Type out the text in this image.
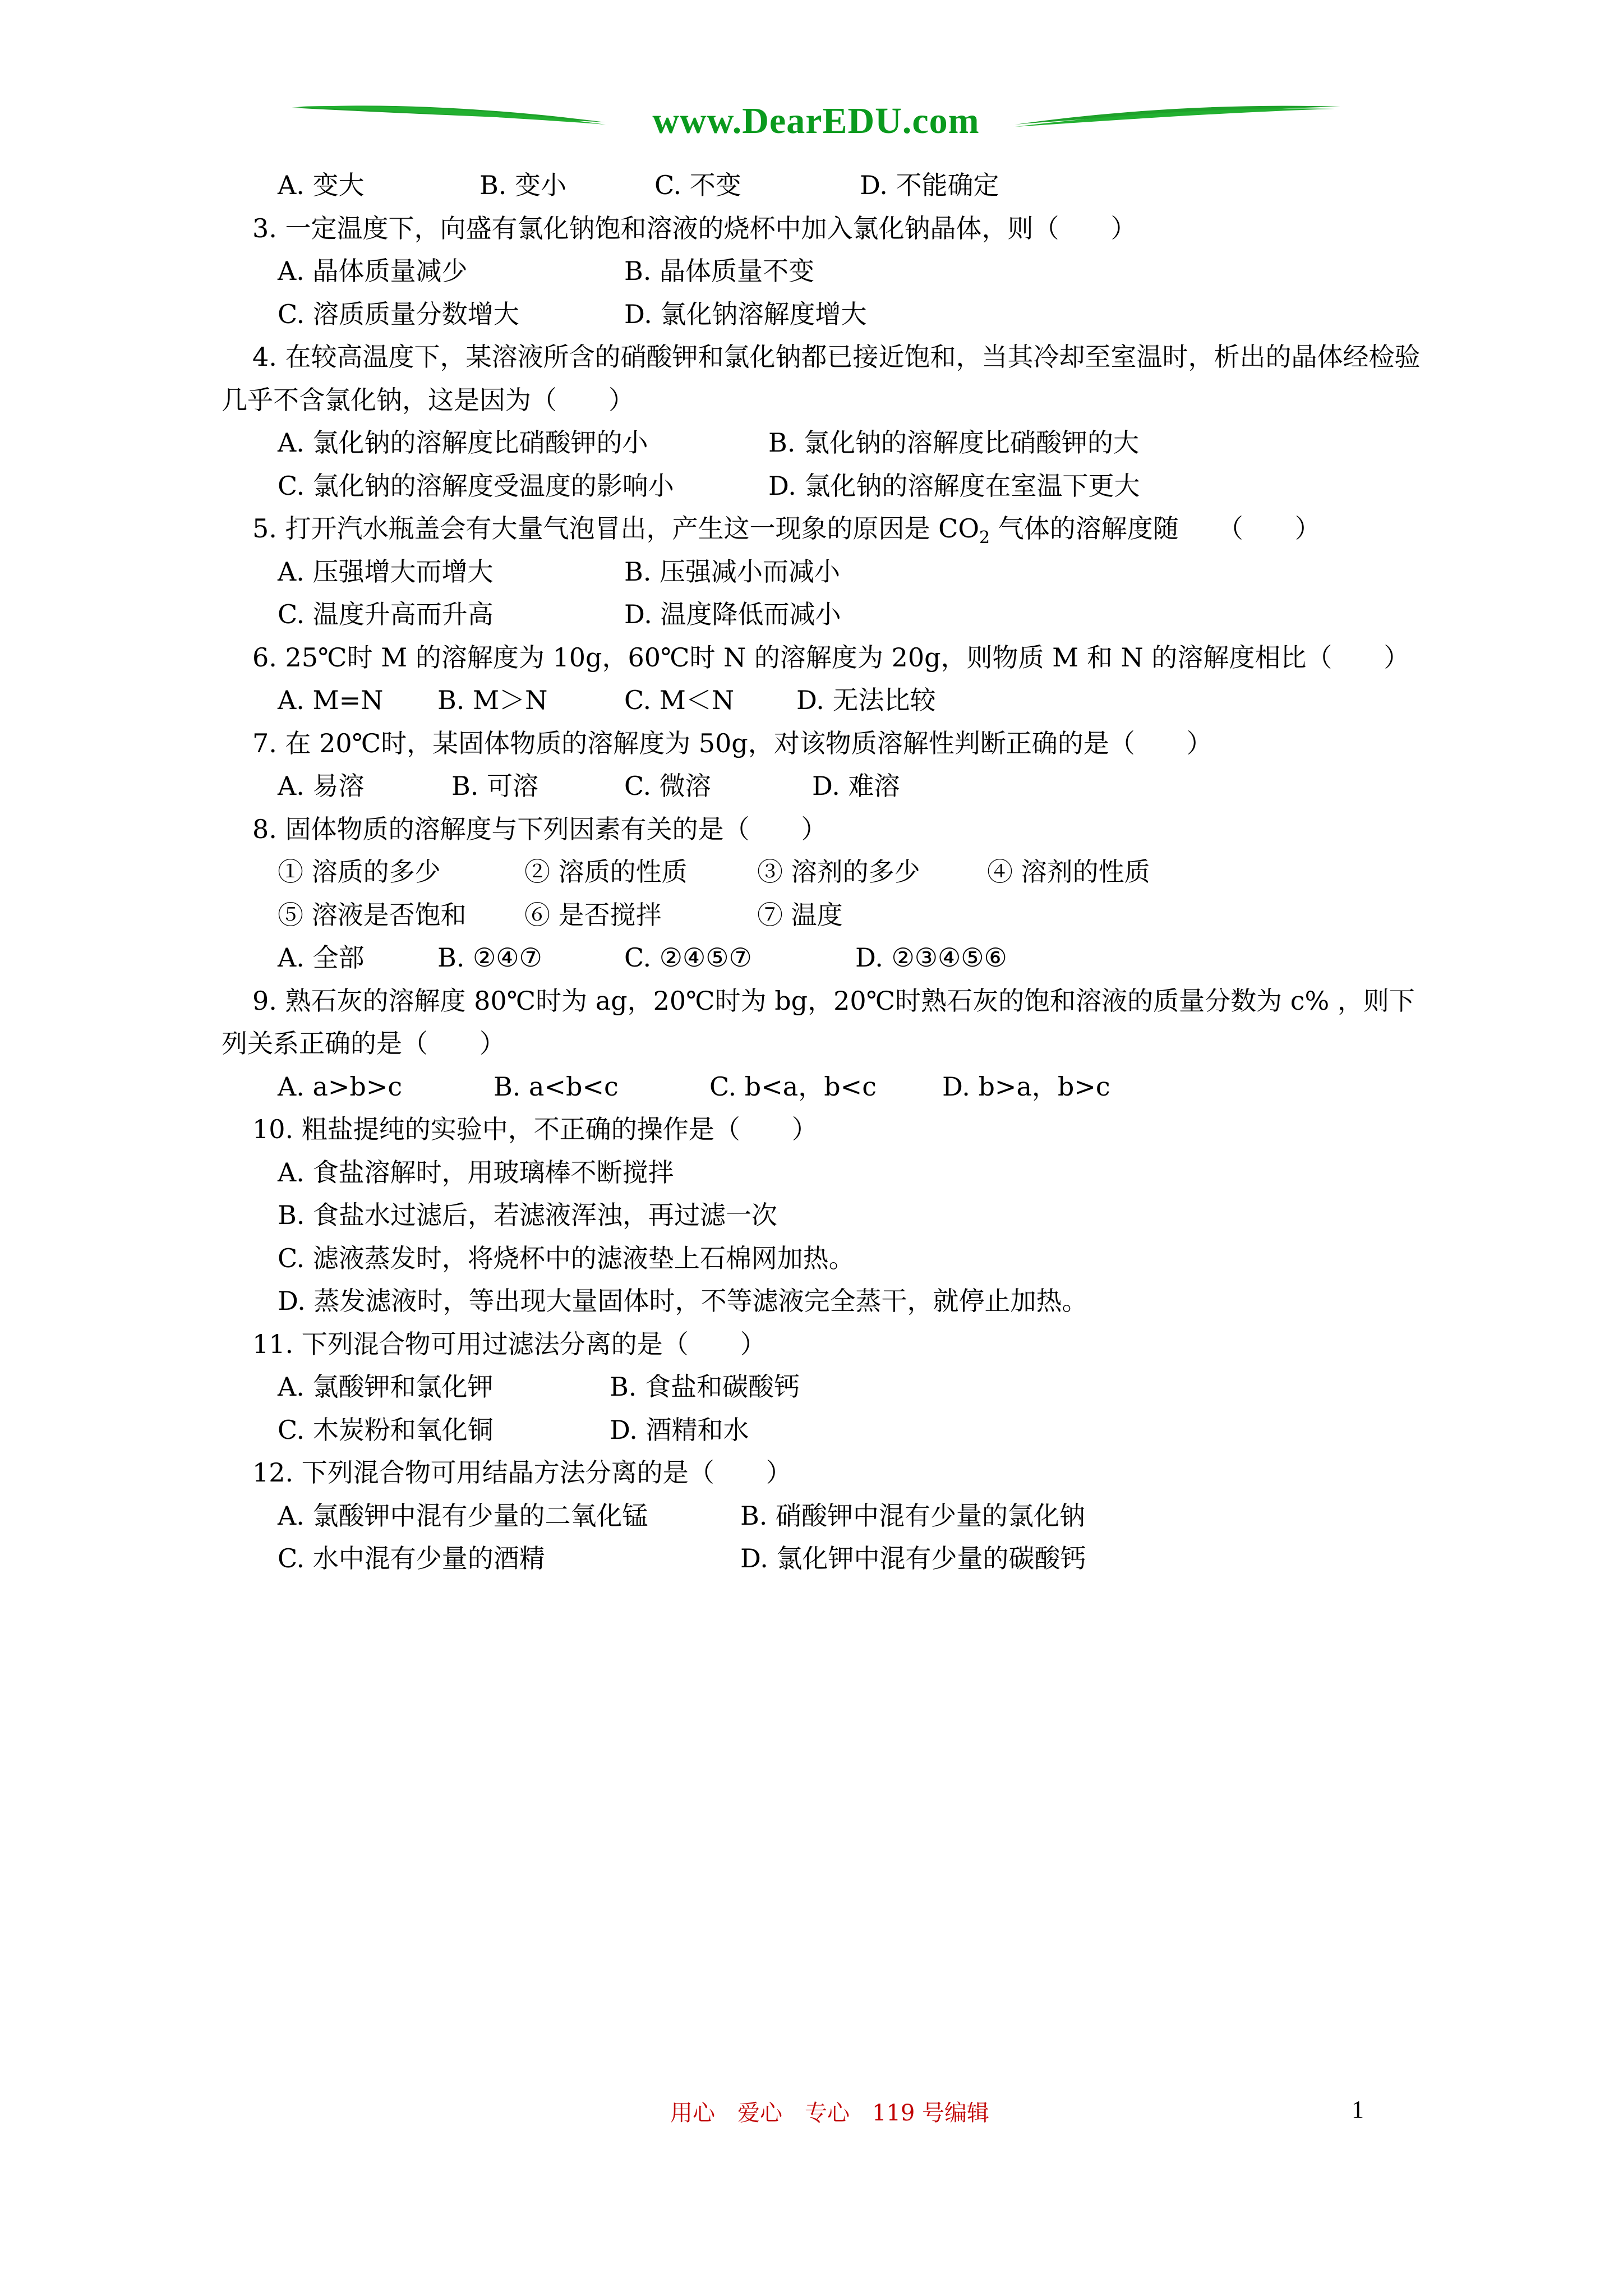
www.DearEDU.com
A. 变大	B. 变小	C. 不变	D. 不能确定
3. 一定温度下，向盛有氯化钠饱和溶液的烧杯中加入氯化钠晶体，则（　　）
A. 晶体质量减少	B. 晶体质量不变
C. 溶质质量分数增大	D. 氯化钠溶解度增大
4. 在较高温度下，某溶液所含的硝酸钾和氯化钠都已接近饱和，当其冷却至室温时，析出的晶体经检验几乎不含氯化钠，这是因为（　　）
A. 氯化钠的溶解度比硝酸钾的小	B. 氯化钠的溶解度比硝酸钾的大
C. 氯化钠的溶解度受温度的影响小	D. 氯化钠的溶解度在室温下更大
5. 打开汽水瓶盖会有大量气泡冒出，产生这一现象的原因是 $CO_2$ 气体的溶解度随　　（　　）
A. 压强增大而增大	B. 压强减小而减小
C. 温度升高而升高	D. 温度降低而减小
6. 25℃时 M 的溶解度为 10g，60℃时 N 的溶解度为 20g，则物质 M 和 N 的溶解度相比（　　）
A. M=N B. M＞N	C. M＜N D. 无法比较
7. 在 20℃时，某固体物质的溶解度为 50g，对该物质溶解性判断正确的是（　　）
A. 易溶	B. 可溶	C. 微溶	D. 难溶
8. 固体物质的溶解度与下列因素有关的是（　　）
① 溶质的多少	② 溶质的性质	③ 溶剂的多少	④ 溶剂的性质
⑤ 溶液是否饱和 ⑥ 是否搅拌	⑦ 温度
A. 全部	B. ②④⑦	C. ②④⑤⑦	D. ②③④⑤⑥
9. 熟石灰的溶解度 80℃时为 ag，20℃时为 bg，20℃时熟石灰的饱和溶液的质量分数为 c% ，则下列关系正确的是（　　）
A. a>b>c	B. a<b<c	C. b<a，b<c	D. b>a，b>c
10. 粗盐提纯的实验中，不正确的操作是（　　）
A. 食盐溶解时，用玻璃棒不断搅拌
B. 食盐水过滤后，若滤液浑浊，再过滤一次
C. 滤液蒸发时，将烧杯中的滤液垫上石棉网加热。
D. 蒸发滤液时，等出现大量固体时，不等滤液完全蒸干，就停止加热。
11. 下列混合物可用过滤法分离的是（　　）
A. 氯酸钾和氯化钾	B. 食盐和碳酸钙
C. 木炭粉和氧化铜	D. 酒精和水
12. 下列混合物可用结晶方法分离的是（　　）
A. 氯酸钾中混有少量的二氧化锰	B. 硝酸钾中混有少量的氯化钠
C. 水中混有少量的酒精	D. 氯化钾中混有少量的碳酸钙
用心　爱心　专心　119 号编辑	1
